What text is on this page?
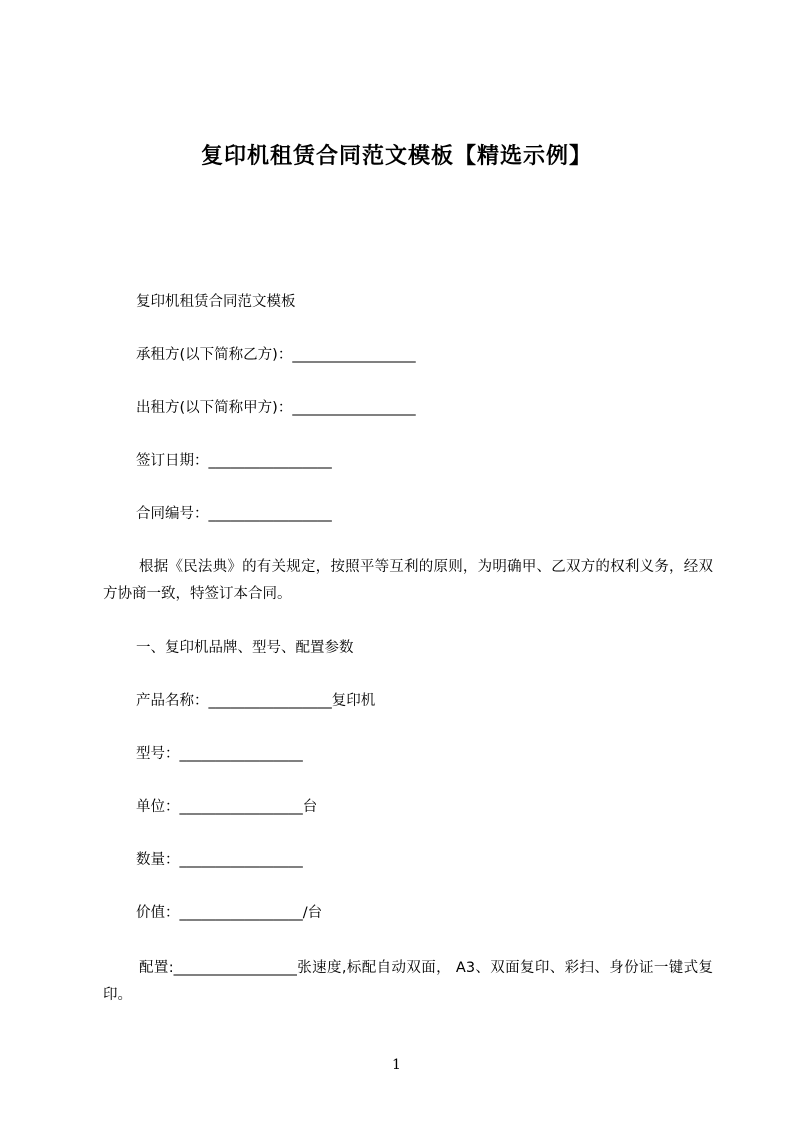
复印机租赁合同范文模板【精选示例】
复印机租赁合同范文模板
承租方(以下简称乙方)：_________________
出租方(以下简称甲方)：_________________
签订日期：_________________
合同编号：_________________
根据《民法典》的有关规定，按照平等互利的原则，为明确甲、乙双方的权利义务，经双方协商一致，特签订本合同。
一、复印机品牌、型号、配置参数
产品名称：_________________复印机
型号：_________________
单位：_________________台
数量：_________________
价值：_________________/台
配置:_________________张速度,标配自动双面， A3、双面复印、彩扫、身份证一键式复印。
1
